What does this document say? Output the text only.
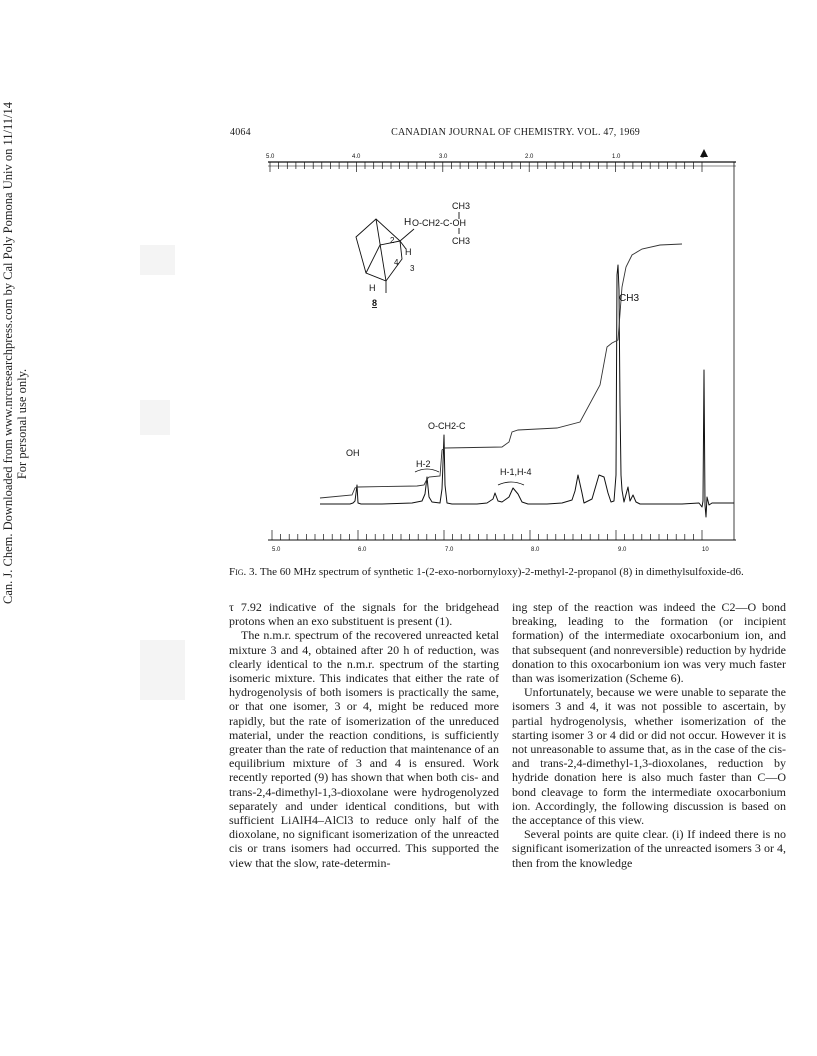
Can. J. Chem. Downloaded from www.nrcresearchpress.com by Cal Poly Pomona Univ on 11/11/14 For personal use only.
4064	CANADIAN JOURNAL OF CHEMISTRY. VOL. 47, 1969
5.0	4.0	3.0	2.0	1.0
5.0	6.0	7.0	8.0	9.0	10
H
2
H
4
3
H
8
CH3
O-CH2-C-OH
CH3
OH
H-2
O-CH2-C
H-1,H-4
CH3
Fig. 3. The 60 MHz spectrum of synthetic 1-(2-exo-norbornyloxy)-2-methyl-2-propanol (8) in dimethylsulfoxide-d6.

τ 7.92 indicative of the signals for the bridgehead protons when an exo substituent is present (1).

The n.m.r. spectrum of the recovered unreacted ketal mixture 3 and 4, obtained after 20 h of reduction, was clearly identical to the n.m.r. spectrum of the starting isomeric mixture. This indicates that either the rate of hydrogenolysis of both isomers is practically the same, or that one isomer, 3 or 4, might be reduced more rapidly, but the rate of isomerization of the unreduced material, under the reaction conditions, is sufficiently greater than the rate of reduction that maintenance of an equilibrium mixture of 3 and 4 is ensured. Work recently reported (9) has shown that when both cis- and trans-2,4-dimethyl-1,3-dioxolane were hydrogenolyzed separately and under identical conditions, but with sufficient LiAlH4–AlCl3 to reduce only half of the dioxolane, no significant isomerization of the unreacted cis or trans isomers had occurred. This supported the view that the slow, rate-determin-

ing step of the reaction was indeed the C2—O bond breaking, leading to the formation (or incipient formation) of the intermediate oxocarbonium ion, and that subsequent (and nonreversible) reduction by hydride donation to this oxocarbonium ion was very much faster than was isomerization (Scheme 6).

Unfortunately, because we were unable to separate the isomers 3 and 4, it was not possible to ascertain, by partial hydrogenolysis, whether isomerization of the starting isomer 3 or 4 did or did not occur. However it is not unreasonable to assume that, as in the case of the cis- and trans-2,4-dimethyl-1,3-dioxolanes, reduction by hydride donation here is also much faster than C—O bond cleavage to form the intermediate oxocarbonium ion. Accordingly, the following discussion is based on the acceptance of this view.

Several points are quite clear. (i) If indeed there is no significant isomerization of the unreacted isomers 3 or 4, then from the knowledge
